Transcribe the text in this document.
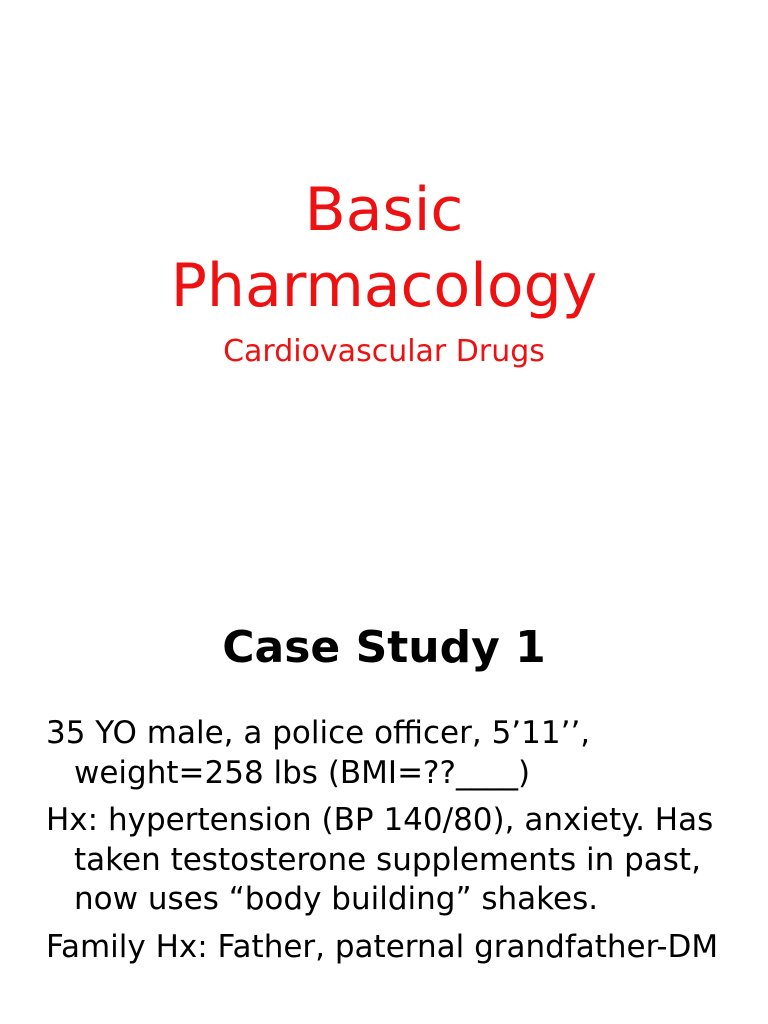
Basic
Pharmacology

Cardiovascular Drugs

Case Study 1
35 YO male, a police officer, 5’11’’, weight=258 lbs (BMI=??____)
Hx: hypertension (BP 140/80), anxiety. Has taken testosterone supplements in past, now uses “body building” shakes.
Family Hx: Father, paternal grandfather-DM
